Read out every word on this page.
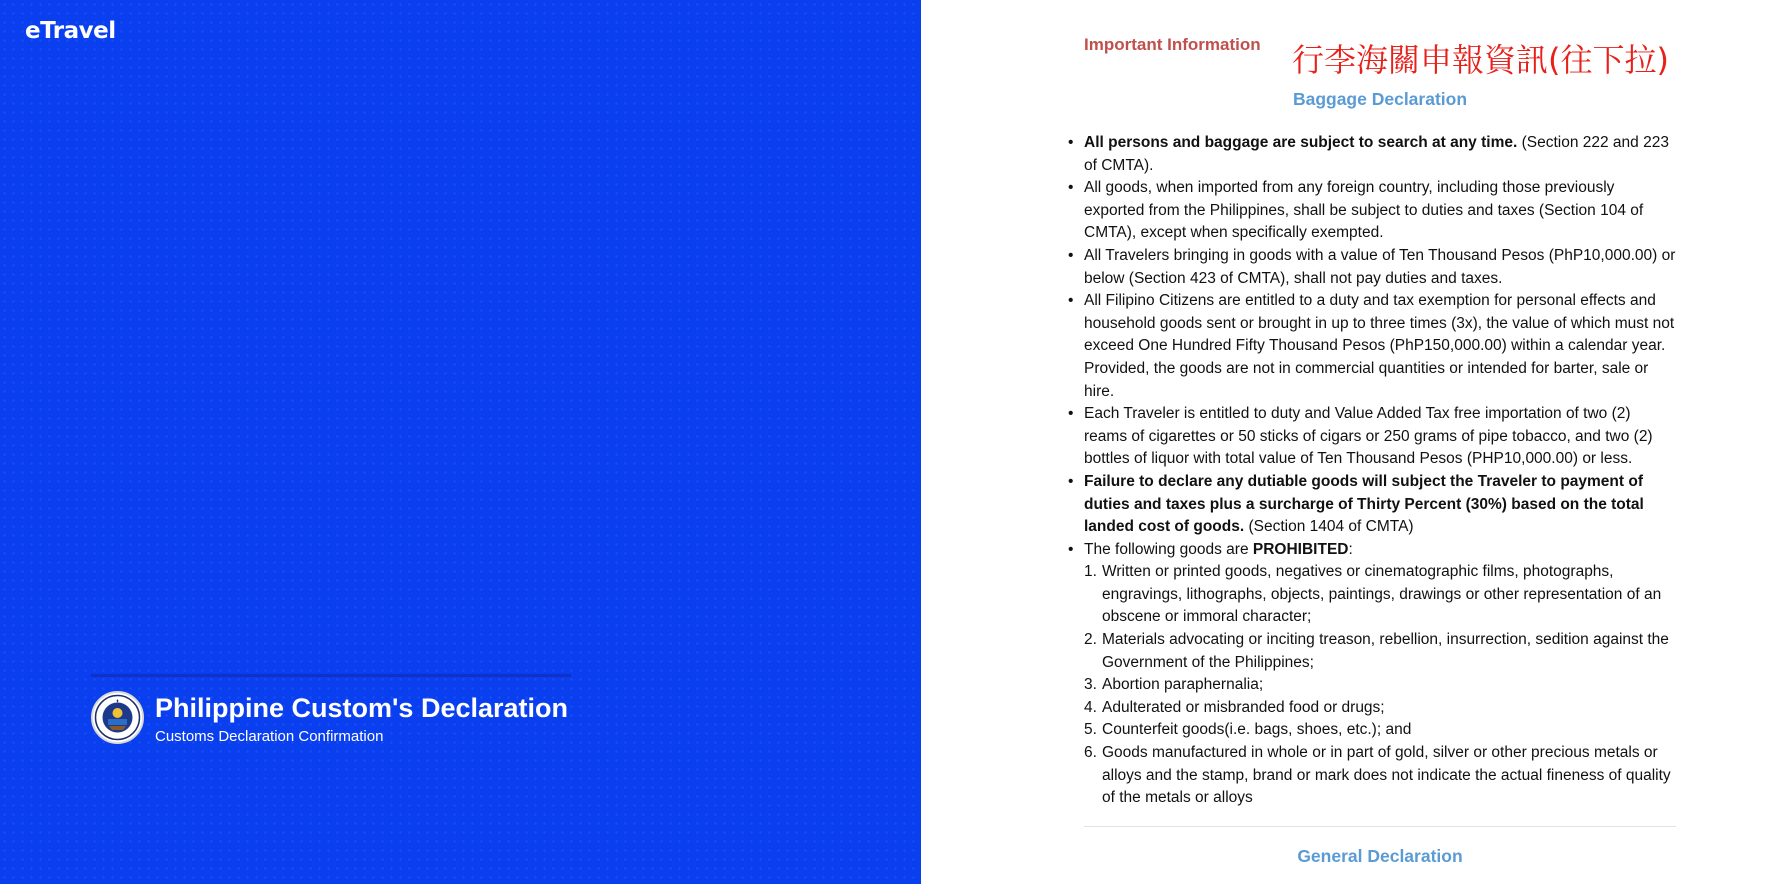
eTravel
Philippine Custom's Declaration
Customs Declaration Confirmation
Important Information 行李海關申報資訊(往下拉)
Baggage Declaration
• All persons and baggage are subject to search at any time. (Section 222 and 223 of CMTA).
• All goods, when imported from any foreign country, including those previously exported from the Philippines, shall be subject to duties and taxes (Section 104 of CMTA), except when specifically exempted.
• All Travelers bringing in goods with a value of Ten Thousand Pesos (PhP10,000.00) or below (Section 423 of CMTA), shall not pay duties and taxes.
• All Filipino Citizens are entitled to a duty and tax exemption for personal effects and household goods sent or brought in up to three times (3x), the value of which must not exceed One Hundred Fifty Thousand Pesos (PhP150,000.00) within a calendar year. Provided, the goods are not in commercial quantities or intended for barter, sale or hire.
• Each Traveler is entitled to duty and Value Added Tax free importation of two (2) reams of cigarettes or 50 sticks of cigars or 250 grams of pipe tobacco, and two (2) bottles of liquor with total value of Ten Thousand Pesos (PHP10,000.00) or less.
• Failure to declare any dutiable goods will subject the Traveler to payment of duties and taxes plus a surcharge of Thirty Percent (30%) based on the total landed cost of goods. (Section 1404 of CMTA)
• The following goods are PROHIBITED:
1. Written or printed goods, negatives or cinematographic films, photographs, engravings, lithographs, objects, paintings, drawings or other representation of an obscene or immoral character;
2. Materials advocating or inciting treason, rebellion, insurrection, sedition against the Government of the Philippines;
3. Abortion paraphernalia;
4. Adulterated or misbranded food or drugs;
5. Counterfeit goods(i.e. bags, shoes, etc.); and
6. Goods manufactured in whole or in part of gold, silver or other precious metals or alloys and the stamp, brand or mark does not indicate the actual fineness of quality of the metals or alloys
General Declaration
